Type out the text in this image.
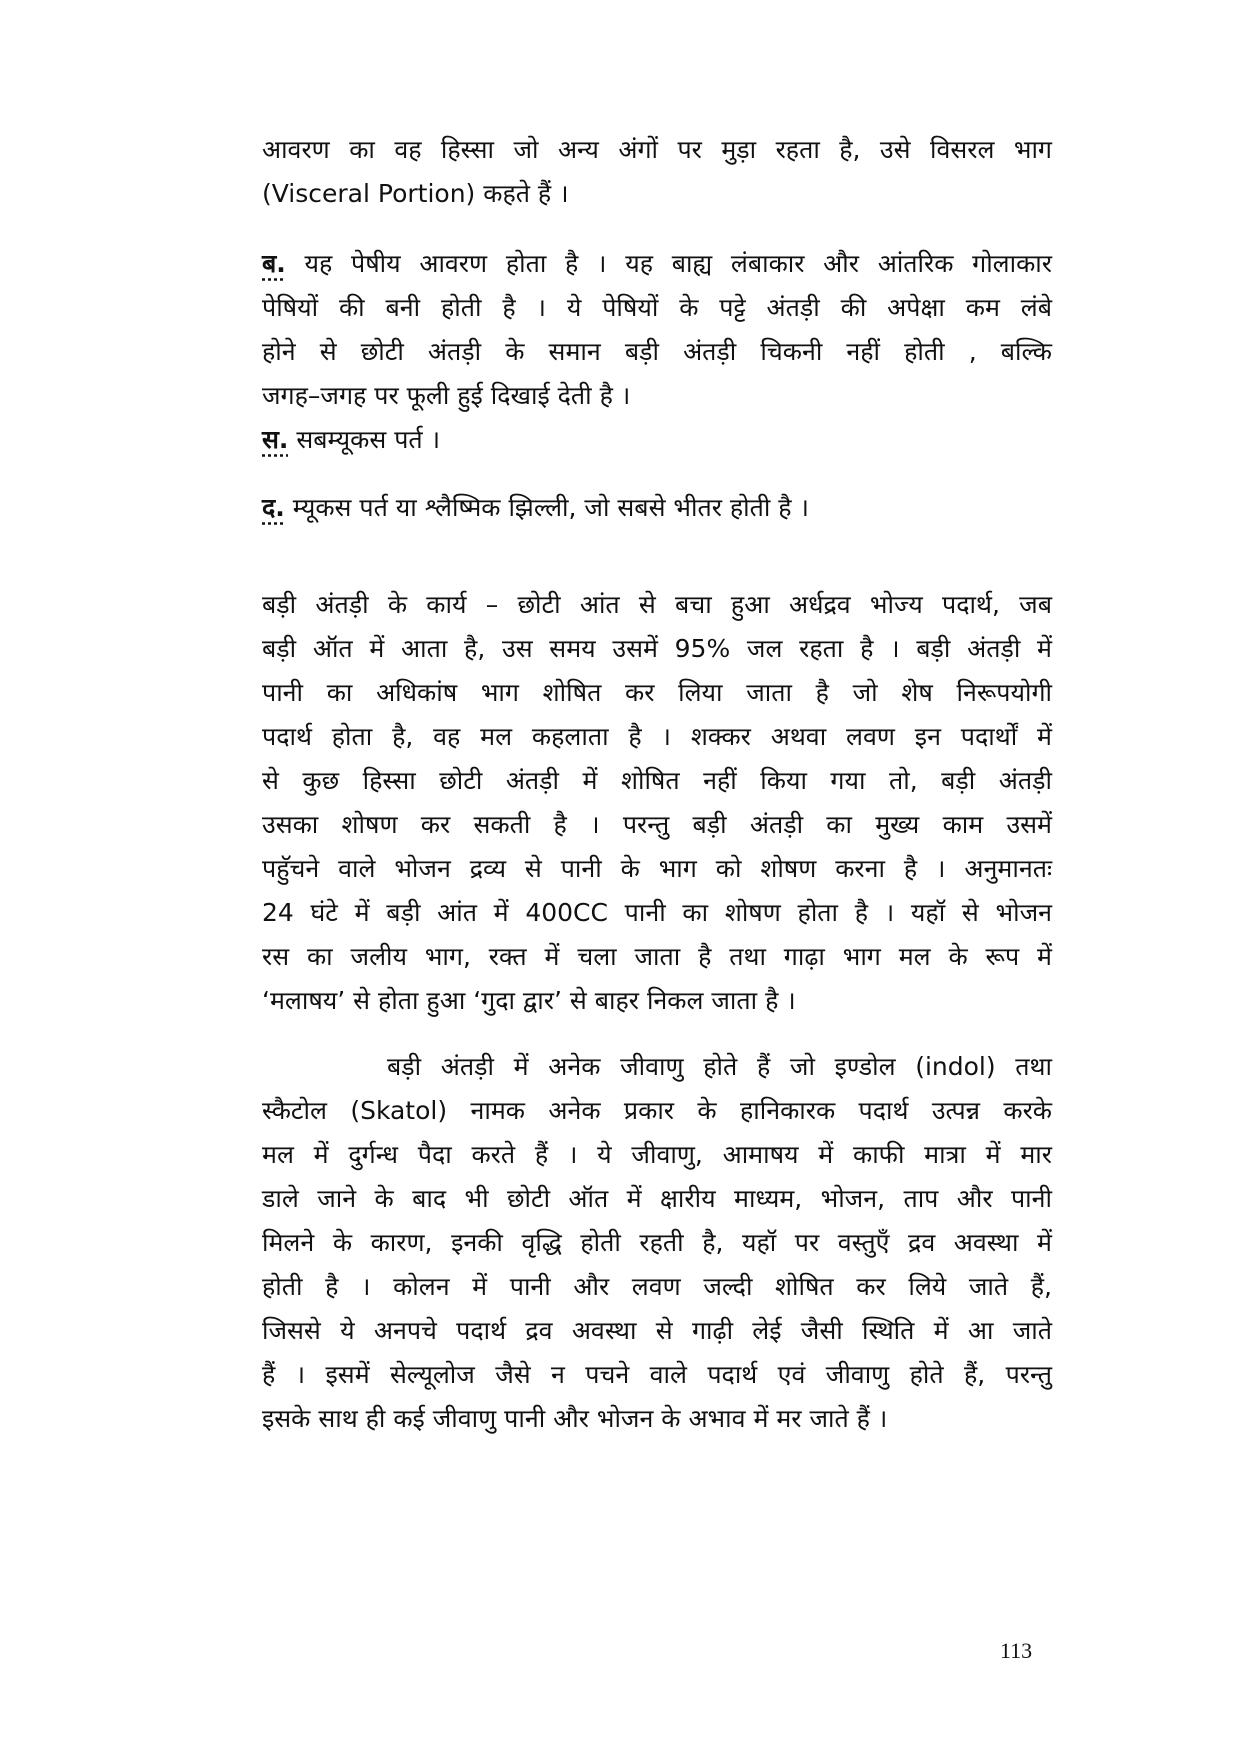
आवरण का वह हिस्सा जो अन्य अंगों पर मुड़ा रहता है, उसे विसरल भाग

(Visceral Portion) कहते हैं ।

ब. यह पेषीय आवरण होता है । यह बाह्य लंबाकार और आंतरिक गोलाकार

पेषियों की बनी होती है । ये पेषियों के पट्टे अंतड़ी की अपेक्षा कम लंबे

होने से छोटी अंतड़ी के समान बड़ी अंतड़ी चिकनी नहीं होती , बल्कि

जगह–जगह पर फूली हुई दिखाई देती है ।

स. सबम्यूकस पर्त ।

द. म्यूकस पर्त या श्लैष्मिक झिल्ली, जो सबसे भीतर होती है ।

बड़ी अंतड़ी के कार्य – छोटी आंत से बचा हुआ अर्धद्रव भोज्य पदार्थ, जब

बड़ी ऑत में आता है, उस समय उसमें 95% जल रहता है । बड़ी अंतड़ी में

पानी का अधिकांष भाग शोषित कर लिया जाता है जो शेष निरूपयोगी

पदार्थ होता है, वह मल कहलाता है । शक्कर अथवा लवण इन पदार्थों में

से कुछ हिस्सा छोटी अंतड़ी में शोषित नहीं किया गया तो, बड़ी अंतड़ी

उसका शोषण कर सकती है । परन्तु बड़ी अंतड़ी का मुख्य काम उसमें

पहुॅचने वाले भोजन द्रव्य से पानी के भाग को शोषण करना है । अनुमानतः

24 घंटे में बड़ी आंत में 400CC पानी का शोषण होता है । यहॉ से भोजन

रस का जलीय भाग, रक्त में चला जाता है तथा गाढ़ा भाग मल के रूप में

‘मलाषय’ से होता हुआ ‘गुदा द्वार’ से बाहर निकल जाता है ।

बड़ी अंतड़ी में अनेक जीवाणु होते हैं जो इण्डोल (indol) तथा

स्कैटोल (Skatol) नामक अनेक प्रकार के हानिकारक पदार्थ उत्पन्न करके

मल में दुर्गन्ध पैदा करते हैं । ये जीवाणु, आमाषय में काफी मात्रा में मार

डाले जाने के बाद भी छोटी ऑत में क्षारीय माध्यम, भोजन, ताप और पानी

मिलने के कारण, इनकी वृद्धि होती रहती है, यहॉ पर वस्तुऍं द्रव अवस्था में

होती है । कोलन में पानी और लवण जल्दी शोषित कर लिये जाते हैं,

जिससे ये अनपचे पदार्थ द्रव अवस्था से गाढ़ी लेई जैसी स्थिति में आ जाते

हैं । इसमें सेल्यूलोज जैसे न पचने वाले पदार्थ एवं जीवाणु होते हैं, परन्तु

इसके साथ ही कई जीवाणु पानी और भोजन के अभाव में मर जाते हैं ।

113
